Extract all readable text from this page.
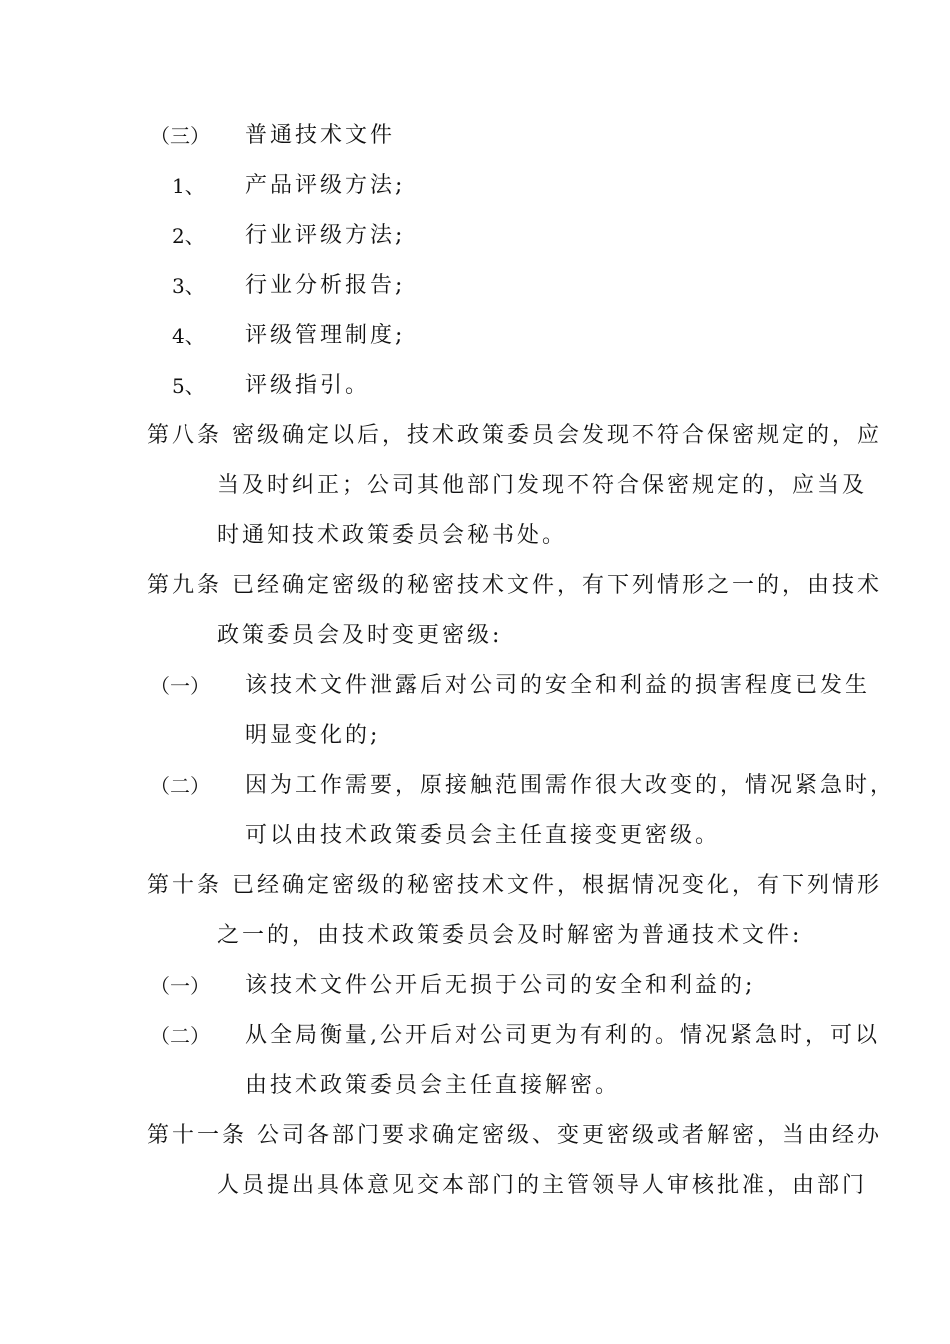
（三） 普通技术文件
1、 产品评级方法;
2、 行业评级方法;
3、 行业分析报告;
4、 评级管理制度;
5、 评级指引。
第八条 密级确定以后，技术政策委员会发现不符合保密规定的，应
当及时纠正；公司其他部门发现不符合保密规定的，应当及
时通知技术政策委员会秘书处。
第九条 已经确定密级的秘密技术文件，有下列情形之一的，由技术
政策委员会及时变更密级:
（一） 该技术文件泄露后对公司的安全和利益的损害程度已发生
明显变化的;
（二） 因为工作需要，原接触范围需作很大改变的，情况紧急时，
可以由技术政策委员会主任直接变更密级。
第十条 已经确定密级的秘密技术文件，根据情况变化，有下列情形
之一的，由技术政策委员会及时解密为普通技术文件:
（一） 该技术文件公开后无损于公司的安全和利益的;
（二） 从全局衡量,公开后对公司更为有利的。情况紧急时，可以
由技术政策委员会主任直接解密。
第十一条 公司各部门要求确定密级、变更密级或者解密，当由经办
人员提出具体意见交本部门的主管领导人审核批准，由部门
